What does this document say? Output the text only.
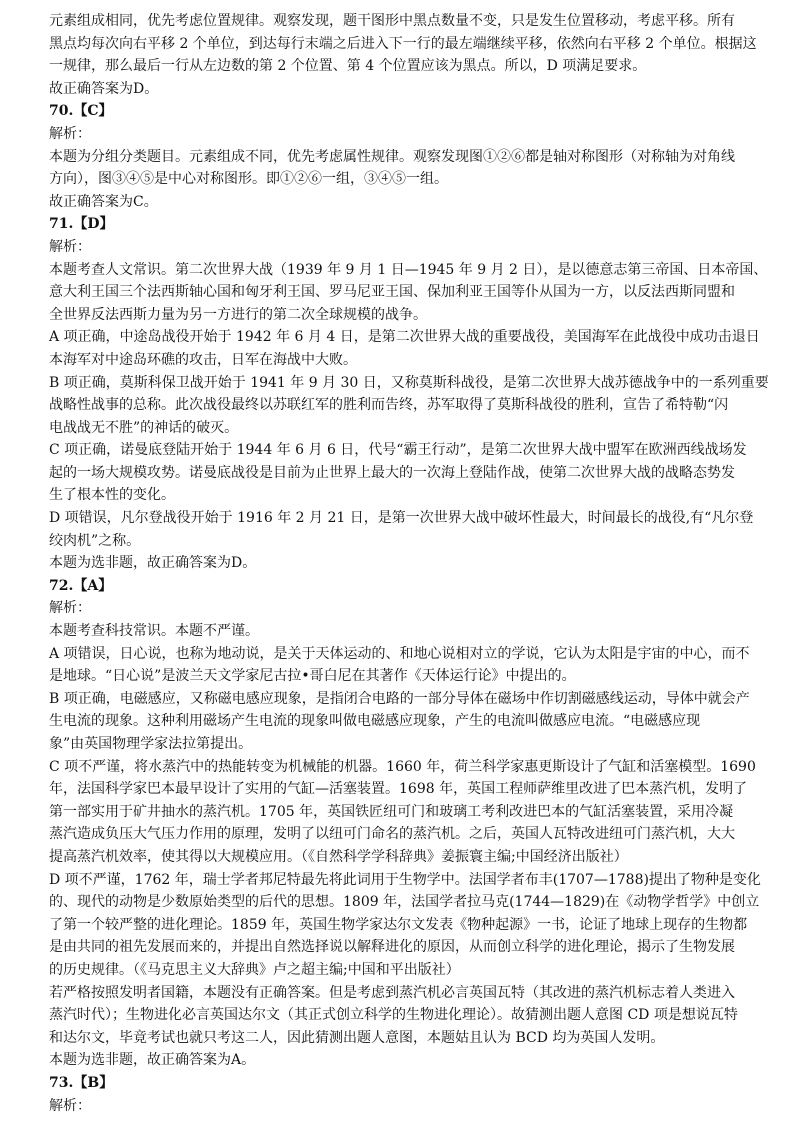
元素组成相同，优先考虑位置规律。观察发现，题干图形中黑点数量不变，只是发生位置移动，考虑平移。所有
黑点均每次向右平移 2 个单位，到达每行末端之后进入下一行的最左端继续平移，依然向右平移 2 个单位。根据这
一规律，那么最后一行从左边数的第 2 个位置、第 4 个位置应该为黑点。所以，D 项满足要求。
故正确答案为D。
70.【C】
解析：
本题为分组分类题目。元素组成不同，优先考虑属性规律。观察发现图①②⑥都是轴对称图形（对称轴为对角线
方向），图③④⑤是中心对称图形。即①②⑥一组，③④⑤一组。
故正确答案为C。
71.【D】
解析：
本题考查人文常识。第二次世界大战（1939 年 9 月 1 日—1945 年 9 月 2 日），是以德意志第三帝国、日本帝国、
意大利王国三个法西斯轴心国和匈牙利王国、罗马尼亚王国、保加利亚王国等仆从国为一方，以反法西斯同盟和
全世界反法西斯力量为另一方进行的第二次全球规模的战争。
A 项正确，中途岛战役开始于 1942 年 6 月 4 日，是第二次世界大战的重要战役，美国海军在此战役中成功击退日
本海军对中途岛环礁的攻击，日军在海战中大败。
B 项正确，莫斯科保卫战开始于 1941 年 9 月 30 日，又称莫斯科战役，是第二次世界大战苏德战争中的一系列重要
战略性战事的总称。此次战役最终以苏联红军的胜利而告终，苏军取得了莫斯科战役的胜利，宣告了希特勒“闪
电战战无不胜”的神话的破灭。
C 项正确，诺曼底登陆开始于 1944 年 6 月 6 日，代号“霸王行动”，是第二次世界大战中盟军在欧洲西线战场发
起的一场大规模攻势。诺曼底战役是目前为止世界上最大的一次海上登陆作战，使第二次世界大战的战略态势发
生了根本性的变化。
D 项错误，凡尔登战役开始于 1916 年 2 月 21 日，是第一次世界大战中破坏性最大，时间最长的战役,有“凡尔登
绞肉机”之称。
本题为选非题，故正确答案为D。
72.【A】
解析：
本题考查科技常识。本题不严谨。
A 项错误，日心说，也称为地动说，是关于天体运动的、和地心说相对立的学说，它认为太阳是宇宙的中心，而不
是地球。“日心说”是波兰天文学家尼古拉•哥白尼在其著作《天体运行论》中提出的。
B 项正确，电磁感应，又称磁电感应现象，是指闭合电路的一部分导体在磁场中作切割磁感线运动，导体中就会产
生电流的现象。这种利用磁场产生电流的现象叫做电磁感应现象，产生的电流叫做感应电流。“电磁感应现
象”由英国物理学家法拉第提出。
C 项不严谨，将水蒸汽中的热能转变为机械能的机器。1660 年，荷兰科学家惠更斯设计了气缸和活塞模型。1690
年，法国科学家巴本最早设计了实用的气缸—活塞装置。1698 年，英国工程师萨维里改进了巴本蒸汽机，发明了
第一部实用于矿井抽水的蒸汽机。1705 年，英国铁匠纽可门和玻璃工考利改进巴本的气缸活塞装置，采用冷凝
蒸汽造成负压大气压力作用的原理，发明了以纽可门命名的蒸汽机。之后，英国人瓦特改进纽可门蒸汽机，大大
提高蒸汽机效率，使其得以大规模应用。（《自然科学学科辞典》姜振寰主编;中国经济出版社）
D 项不严谨，1762 年，瑞士学者邦尼特最先将此词用于生物学中。法国学者布丰(1707—1788)提出了物种是变化
的、现代的动物是少数原始类型的后代的思想。1809 年，法国学者拉马克(1744—1829)在《动物学哲学》中创立
了第一个较严整的进化理论。1859 年，英国生物学家达尔文发表《物种起源》一书，论证了地球上现存的生物都
是由共同的祖先发展而来的，并提出自然选择说以解释进化的原因，从而创立科学的进化理论，揭示了生物发展
的历史规律。（《马克思主义大辞典》卢之超主编;中国和平出版社）
若严格按照发明者国籍，本题没有正确答案。但是考虑到蒸汽机必言英国瓦特（其改进的蒸汽机标志着人类进入
蒸汽时代）；生物进化必言英国达尔文（其正式创立科学的生物进化理论）。故猜测出题人意图 CD 项是想说瓦特
和达尔文，毕竟考试也就只考这二人，因此猜测出题人意图，本题姑且认为 BCD 均为英国人发明。
本题为选非题，故正确答案为A。
73.【B】
解析：
